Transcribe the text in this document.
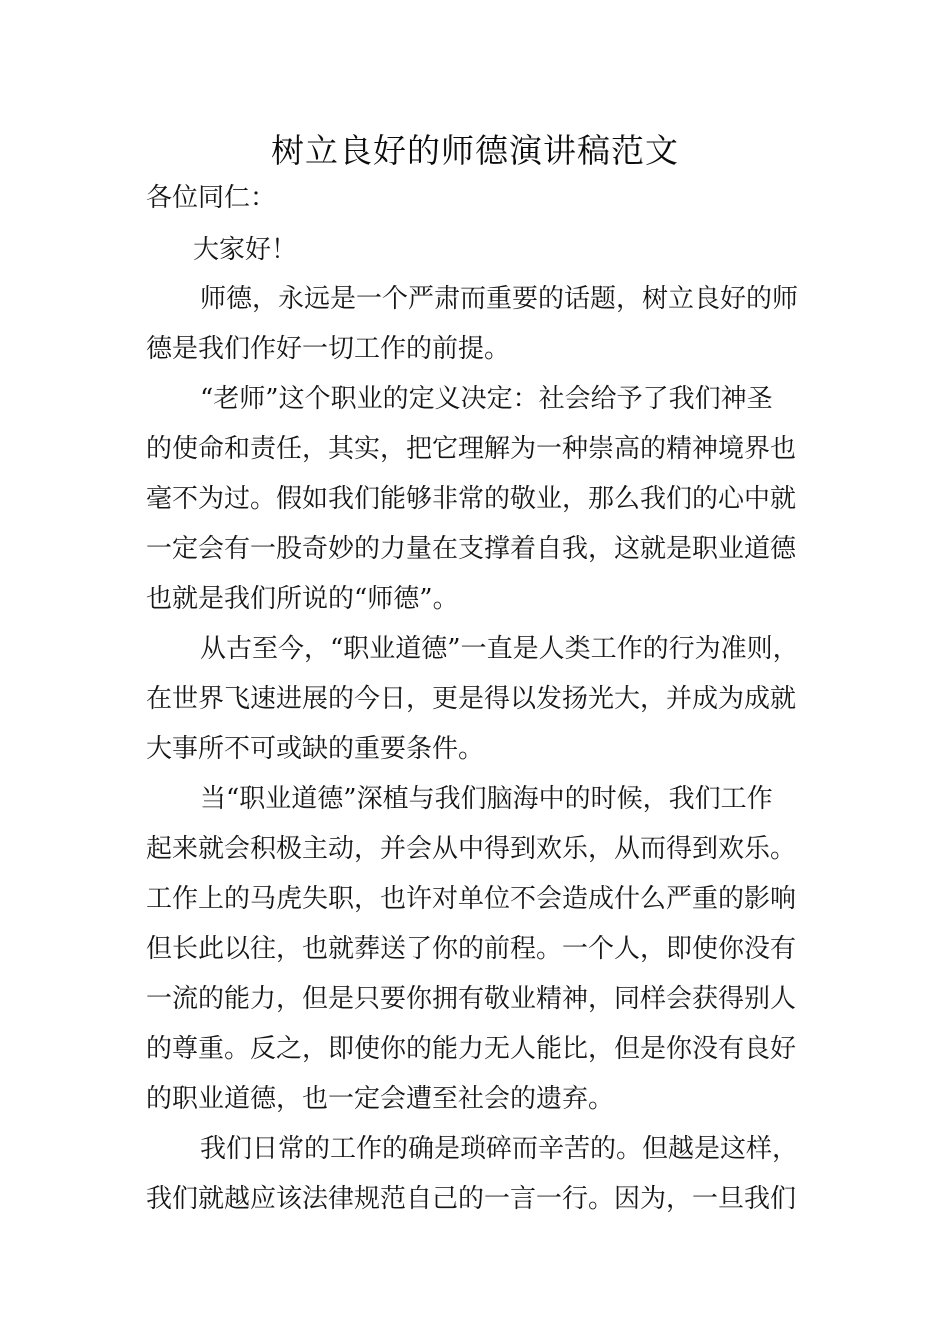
树立良好的师德演讲稿范文
各位同仁：
大家好！
师德，永远是一个严肃而重要的话题，树立良好的师
德是我们作好一切工作的前提。
“老师”这个职业的定义决定：社会给予了我们神圣
的使命和责任，其实，把它理解为一种崇高的精神境界也
毫不为过。假如我们能够非常的敬业，那么我们的心中就
一定会有一股奇妙的力量在支撑着自我，这就是职业道德
也就是我们所说的“师德”。
从古至今，“职业道德”一直是人类工作的行为准则，
在世界飞速进展的今日，更是得以发扬光大，并成为成就
大事所不可或缺的重要条件。
当“职业道德”深植与我们脑海中的时候，我们工作
起来就会积极主动，并会从中得到欢乐，从而得到欢乐。
工作上的马虎失职，也许对单位不会造成什么严重的影响
但长此以往，也就葬送了你的前程。一个人，即使你没有
一流的能力，但是只要你拥有敬业精神，同样会获得别人
的尊重。反之，即使你的能力无人能比，但是你没有良好
的职业道德，也一定会遭至社会的遗弃。
我们日常的工作的确是琐碎而辛苦的。但越是这样，
我们就越应该法律规范自己的一言一行。因为，一旦我们
